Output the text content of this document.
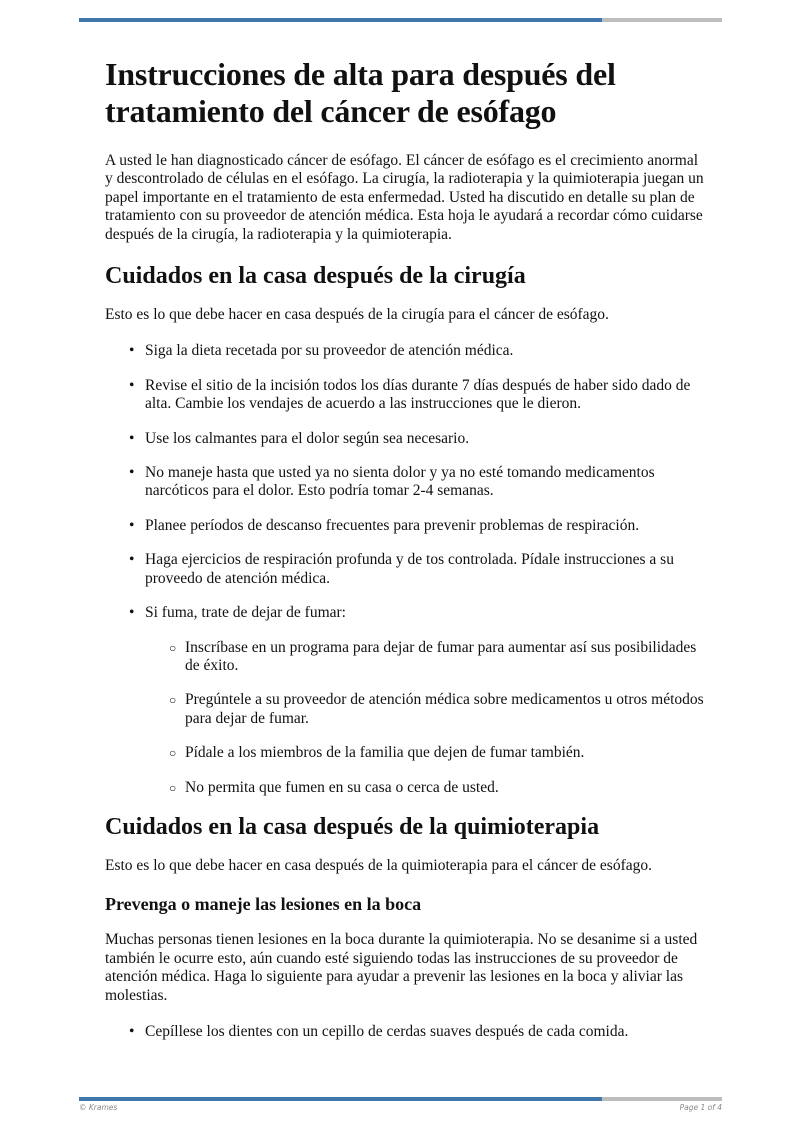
Instrucciones de alta para después del tratamiento del cáncer de esófago

A usted le han diagnosticado cáncer de esófago. El cáncer de esófago es el crecimiento anormal y descontrolado de células en el esófago. La cirugía, la radioterapia y la quimioterapia juegan un papel importante en el tratamiento de esta enfermedad. Usted ha discutido en detalle su plan de tratamiento con su proveedor de atención médica. Esta hoja le ayudará a recordar cómo cuidarse después de la cirugía, la radioterapia y la quimioterapia.

Cuidados en la casa después de la cirugía

Esto es lo que debe hacer en casa después de la cirugía para el cáncer de esófago.

• Siga la dieta recetada por su proveedor de atención médica.
• Revise el sitio de la incisión todos los días durante 7 días después de haber sido dado de alta. Cambie los vendajes de acuerdo a las instrucciones que le dieron.
• Use los calmantes para el dolor según sea necesario.
• No maneje hasta que usted ya no sienta dolor y ya no esté tomando medicamentos narcóticos para el dolor. Esto podría tomar 2-4 semanas.
• Planee períodos de descanso frecuentes para prevenir problemas de respiración.
• Haga ejercicios de respiración profunda y de tos controlada. Pídale instrucciones a su proveedo de atención médica.
• Si fuma, trate de dejar de fumar:
○ Inscríbase en un programa para dejar de fumar para aumentar así sus posibilidades de éxito.
○ Pregúntele a su proveedor de atención médica sobre medicamentos u otros métodos para dejar de fumar.
○ Pídale a los miembros de la familia que dejen de fumar también.
○ No permita que fumen en su casa o cerca de usted.
Cuidados en la casa después de la quimioterapia

Esto es lo que debe hacer en casa después de la quimioterapia para el cáncer de esófago.

Prevenga o maneje las lesiones en la boca

Muchas personas tienen lesiones en la boca durante la quimioterapia. No se desanime si a usted también le ocurre esto, aún cuando esté siguiendo todas las instrucciones de su proveedor de atención médica. Haga lo siguiente para ayudar a prevenir las lesiones en la boca y aliviar las molestias.

• Cepíllese los dientes con un cepillo de cerdas suaves después de cada comida.
© Krames	Page 1 of 4
